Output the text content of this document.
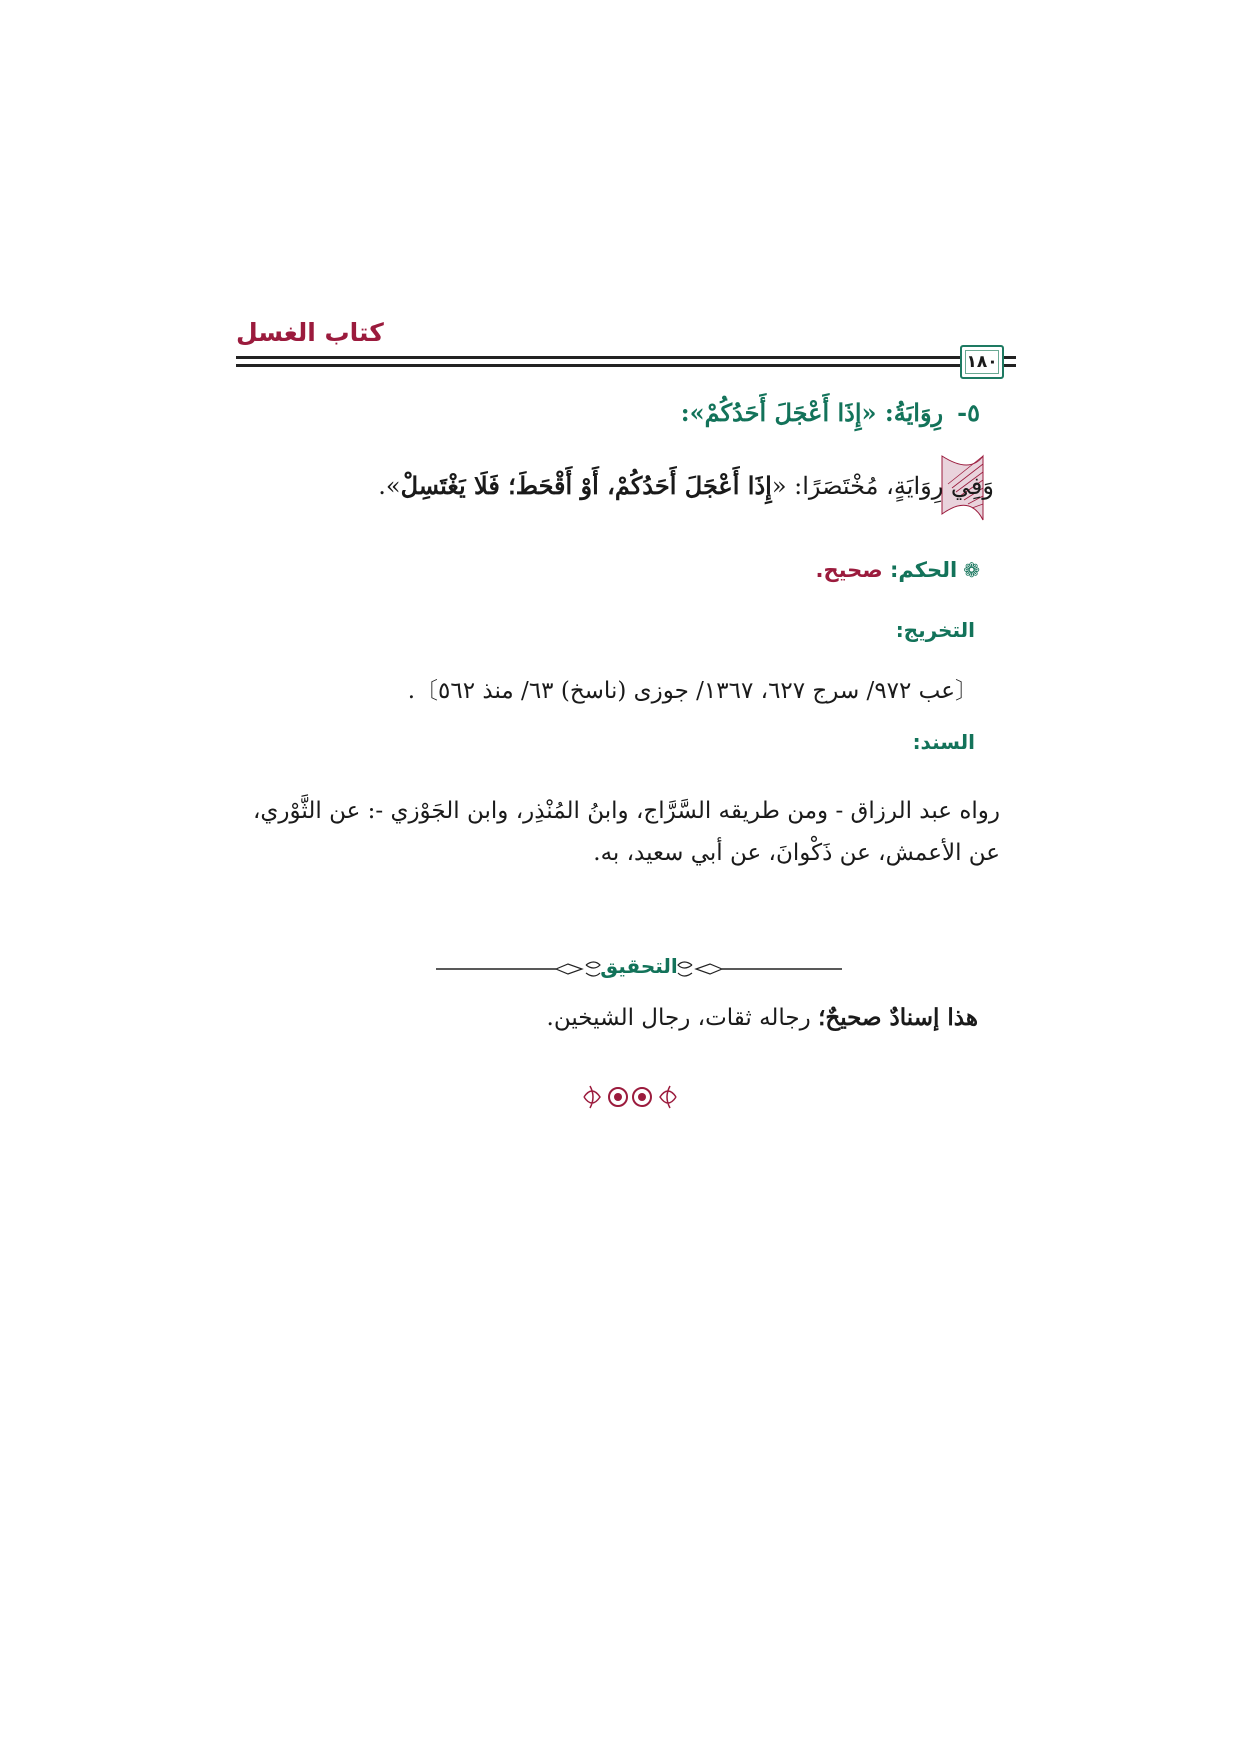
كتاب الغسل
١٨٠
٥-رِوَايَةُ: «إِذَا أَعْجَلَ أَحَدُكُمْ»:
وَفِي رِوَايَةٍ، مُخْتَصَرًا: «إِذَا أَعْجَلَ أَحَدُكُمْ، أَوْ أَقْحَطَ؛ فَلَا يَغْتَسِلْ».
❁الحكم: صحيح.
التخريج:
〔عب ٩٧٢/ سرج ٦٢٧، ١٣٦٧/ جوزى (ناسخ) ٦٣/ منذ ٥٦٢〕.
السند:
رواه عبد الرزاق - ومن طريقه السَّرَّاج، وابنُ المُنْذِر، وابن الجَوْزي -: عن الثَّوْري، عن الأعمش، عن ذَكْوانَ، عن أبي سعيد، به.
التحقيق
هذا إسنادٌ صحيحٌ؛ رجاله ثقات، رجال الشيخين.
